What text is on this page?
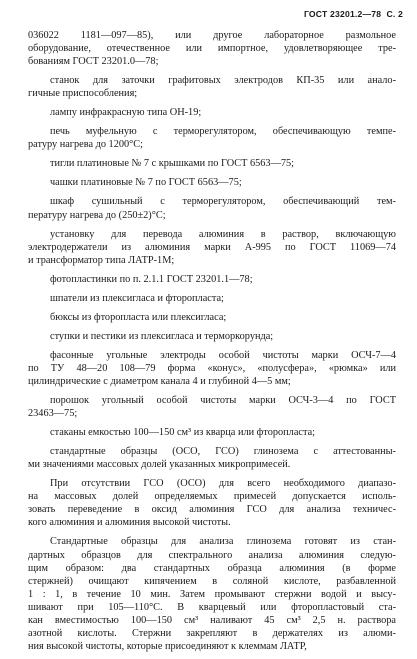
ГОСТ 23201.2—78 С. 2

036022 1181—097—85), или другое лабораторное размольное
оборудование, отечественное или импортное, удовлетворяющее тре-
бованиям ГОСТ 23201.0—78;

станок для заточки графитовых электродов КП-35 или анало-
гичные приспособления;

лампу инфракрасную типа ОН-19;

печь муфельную с терморегулятором, обеспечивающую темпе-
ратуру нагрева до 1200°С;

тигли платиновые № 7 с крышками по ГОСТ 6563—75;

чашки платиновые № 7 по ГОСТ 6563—75;

шкаф сушильный с терморегулятором, обеспечивающий тем-
пературу нагрева до (250±2)°С;

установку для перевода алюминия в раствор, включающую
электродержатели из алюминия марки А-995 по ГОСТ 11069—74
и трансформатор типа ЛАТР-1М;

фотопластинки по п. 2.1.1 ГОСТ 23201.1—78;

шпатели из плексигласа и фторопласта;

бюксы из фторопласта или плексигласа;

ступки и пестики из плексигласа и терморкорунда;

фасонные угольные электроды особой чистоты марки ОСЧ-7—4
по ТУ 48—20 108—79 форма «конус», «полусфера», «рюмка» или
цилиндрические с диаметром канала 4 и глубиной 4—5 мм;

порошок угольный особой чистоты марки ОСЧ-3—4 по ГОСТ
23463—75;

стаканы емкостью 100—150 см³ из кварца или фторопласта;

стандартные образцы (ОСО, ГСО) глинозема с аттестованны-
ми значениями массовых долей указанных микропримесей.

При отсутствии ГСО (ОСО) для всего необходимого диапазо-
на массовых долей определяемых примесей допускается исполь-
зовать переведение в оксид алюминия ГСО для анализа техничес-
кого алюминия и алюминия высокой чистоты.

Стандартные образцы для анализа глинозема готовят из стан-
дартных образцов для спектрального анализа алюминия следую-
щим образом: два стандартных образца алюминия (в форме
стержней) очищают кипячением в соляной кислоте, разбавленной
1 : 1, в течение 10 мин. Затем промывают стержни водой и высу-
шивают при 105—110°С. В кварцевый или фторопластовый ста-
кан вместимостью 100—150 см³ наливают 45 см³ 2,5 н. раствора
азотной кислоты. Стержни закрепляют в держателях из алюми-
ния высокой чистоты, которые присоединяют к клеммам ЛАТР,
